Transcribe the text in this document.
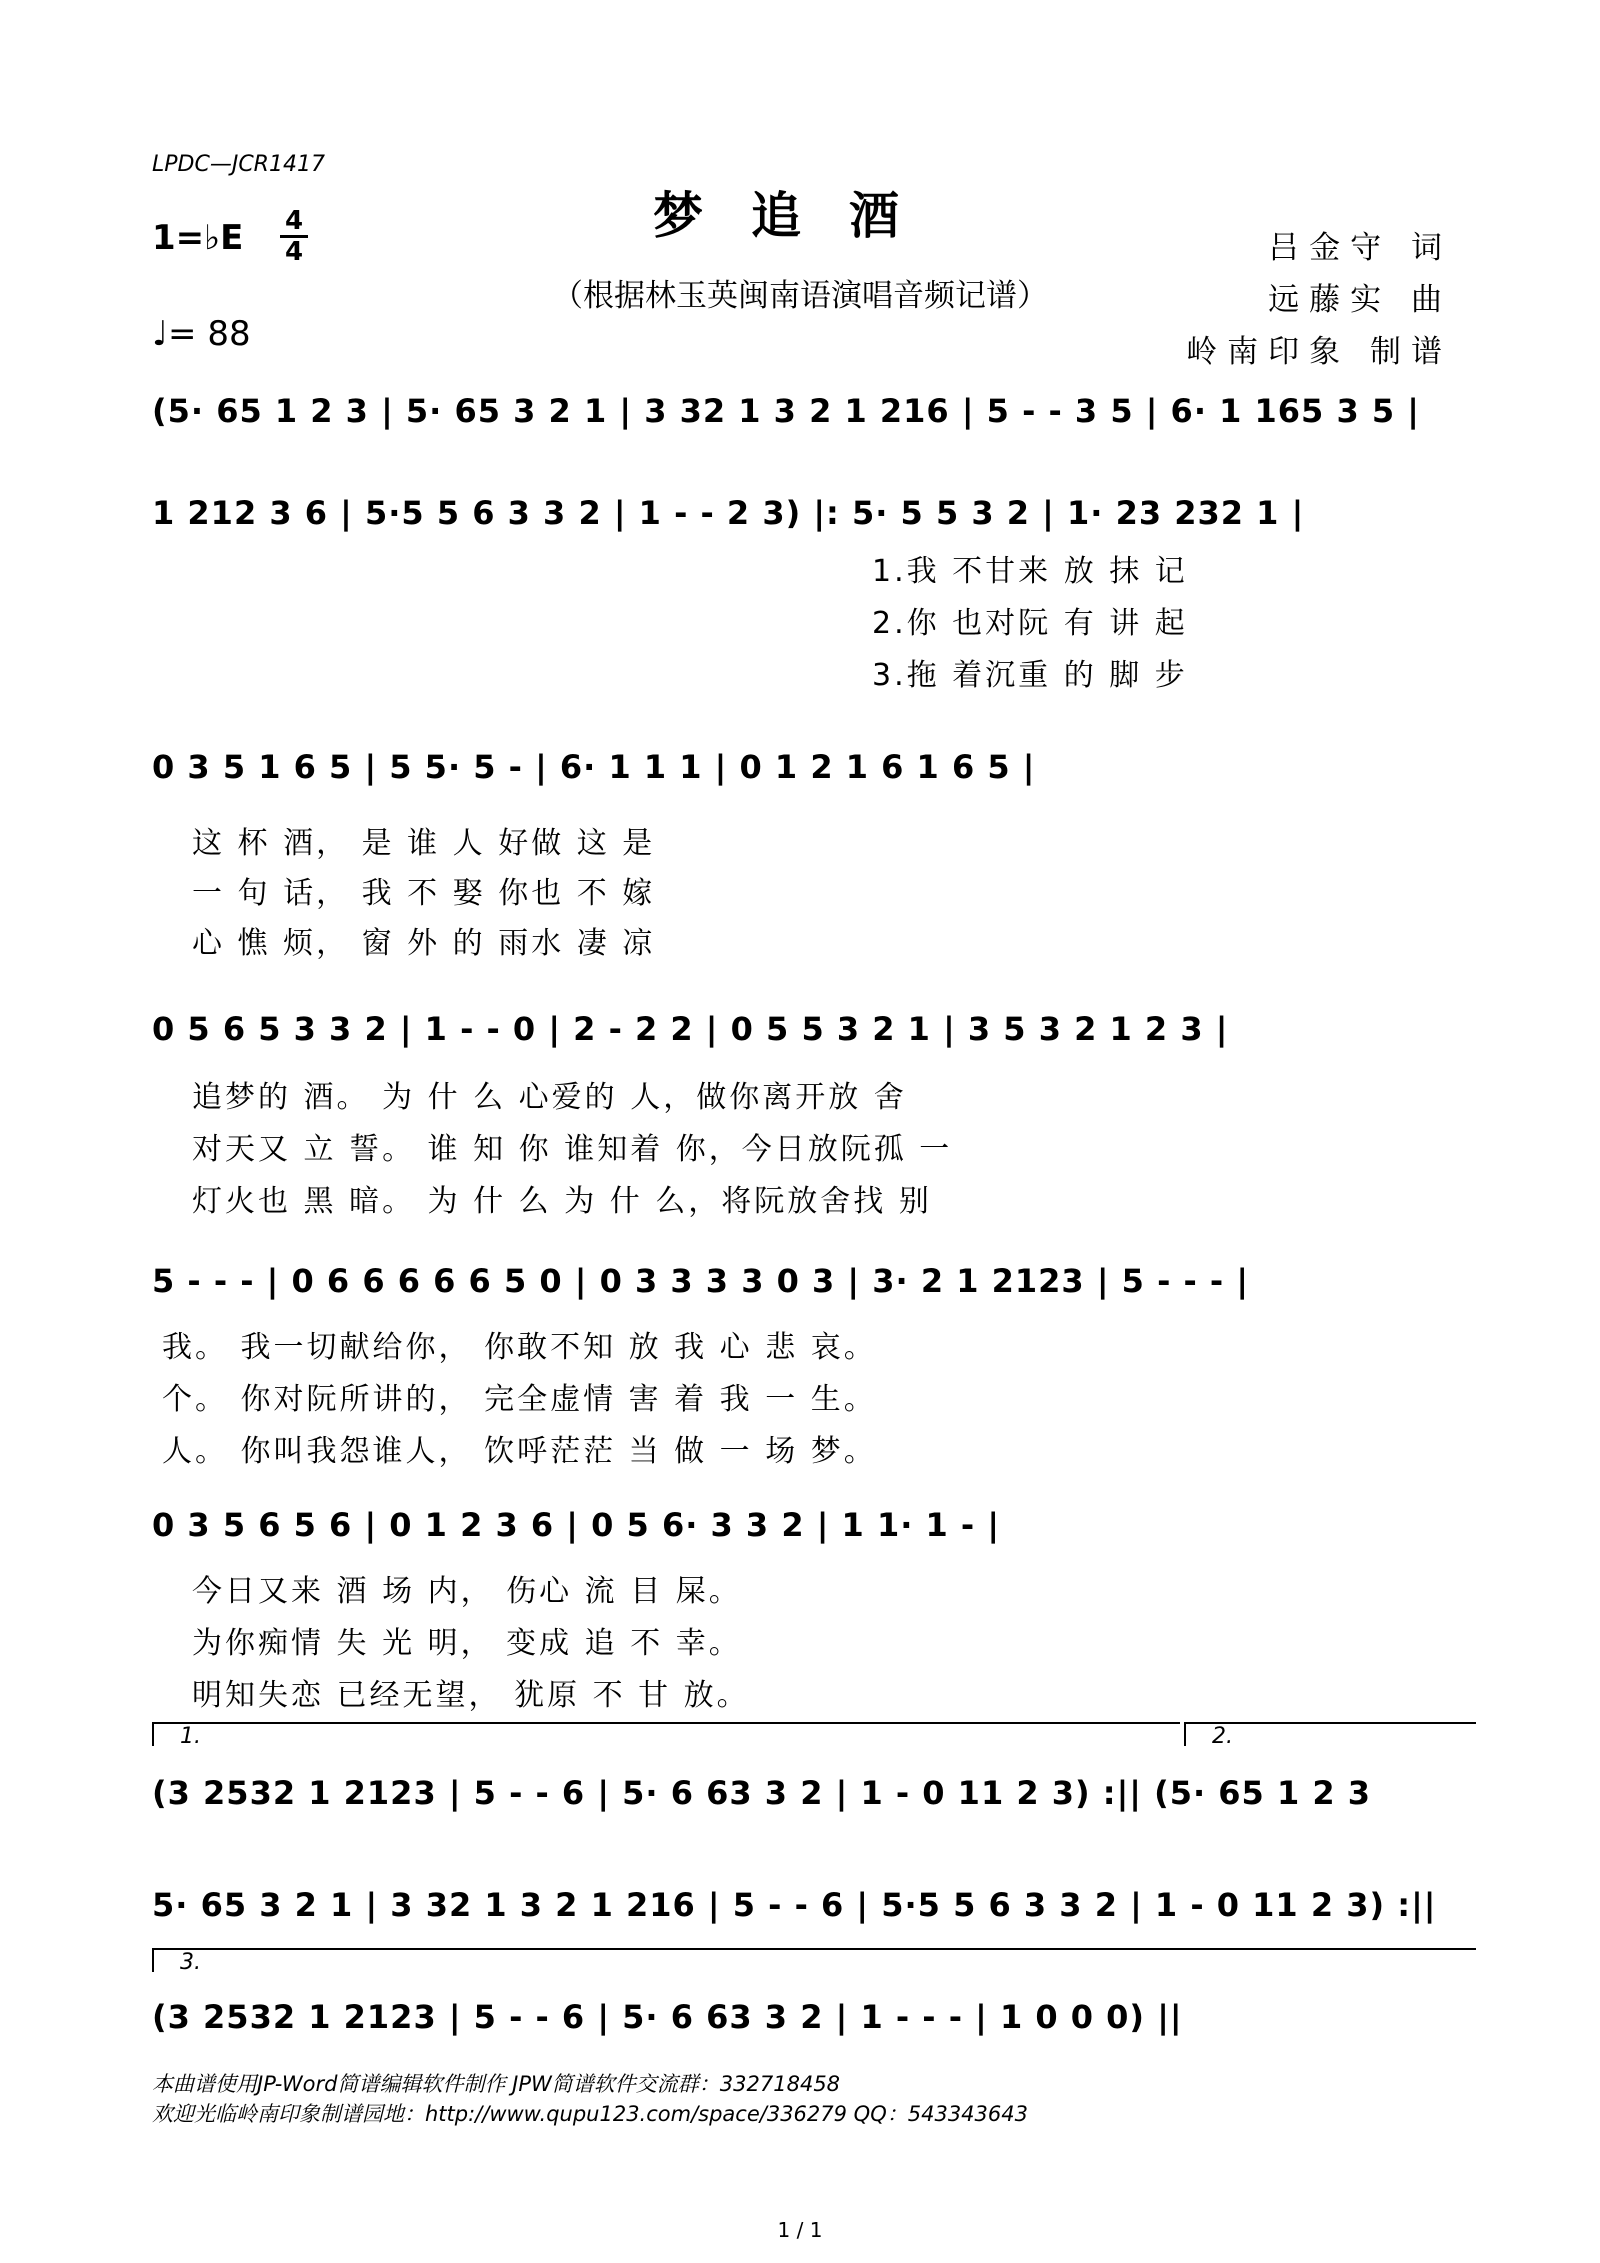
LPDC—JCR1417
梦追酒
（根据林玉英闽南语演唱音频记谱）
1=♭E	4
4
♩= 88
吕金守 词
远藤实 曲
岭南印象 制谱
(5· 65 1 2 3 | 5· 65 3 2 1 | 3 32 1 3 2 1 216 | 5 - - 3 5 | 6· 1 165 3 5 |
1 212 3 6 | 5·5 5 6 3 3 2 | 1 - - 2 3) |: 5· 5 5 3 2 | 1· 23 232 1 |
1.我 不甘来 放 抹 记
2.你 也对阮 有 讲 起
3.拖 着沉重 的 脚 步
0 3 5 1 6 5 | 5 5· 5 - | 6· 1 1 1 | 0 1 2 1 6 1 6 5 |
这 杯 酒， 是 谁 人 好做 这 是
一 句 话， 我 不 娶 你也 不 嫁
心 憔 烦， 窗 外 的 雨水 凄 凉
0 5 6 5 3 3 2 | 1 - - 0 | 2 - 2 2 | 0 5 5 3 2 1 | 3 5 3 2 1 2 3 |
追梦的 酒。 为 什 么 心爱的 人，做你离开放 舍
对天又 立 誓。 谁 知 你 谁知着 你，今日放阮孤 一
灯火也 黑 暗。 为 什 么 为 什 么，将阮放舍找 别
5 - - - | 0 6 6 6 6 6 5 0 | 0 3 3 3 3 0 3 | 3· 2 1 2123 | 5 - - - |
我。 我一切献给你， 你敢不知 放 我 心 悲 哀。
个。 你对阮所讲的， 完全虚情 害 着 我 一 生。
人。 你叫我怨谁人， 饮呼茫茫 当 做 一 场 梦。
0 3 5 6 5 6 | 0 1 2 3 6 | 0 5 6· 3 3 2 | 1 1· 1 - |
今日又来 酒 场 内， 伤心 流 目 屎。
为你痴情 失 光 明， 变成 追 不 幸。
明知失恋 已经无望， 犹原 不 甘 放。
1.	2.
(3 2532 1 2123 | 5 - - 6 | 5· 6 63 3 2 | 1 - 0 11 2 3) :|| (5· 65 1 2 3
5· 65 3 2 1 | 3 32 1 3 2 1 216 | 5 - - 6 | 5·5 5 6 3 3 2 | 1 - 0 11 2 3) :||
3.
(3 2532 1 2123 | 5 - - 6 | 5· 6 63 3 2 | 1 - - - | 1 0 0 0) ||
本曲谱使用JP-Word简谱编辑软件制作 JPW简谱软件交流群：332718458
欢迎光临岭南印象制谱园地：http://www.qupu123.com/space/336279 QQ：543343643
1 / 1
